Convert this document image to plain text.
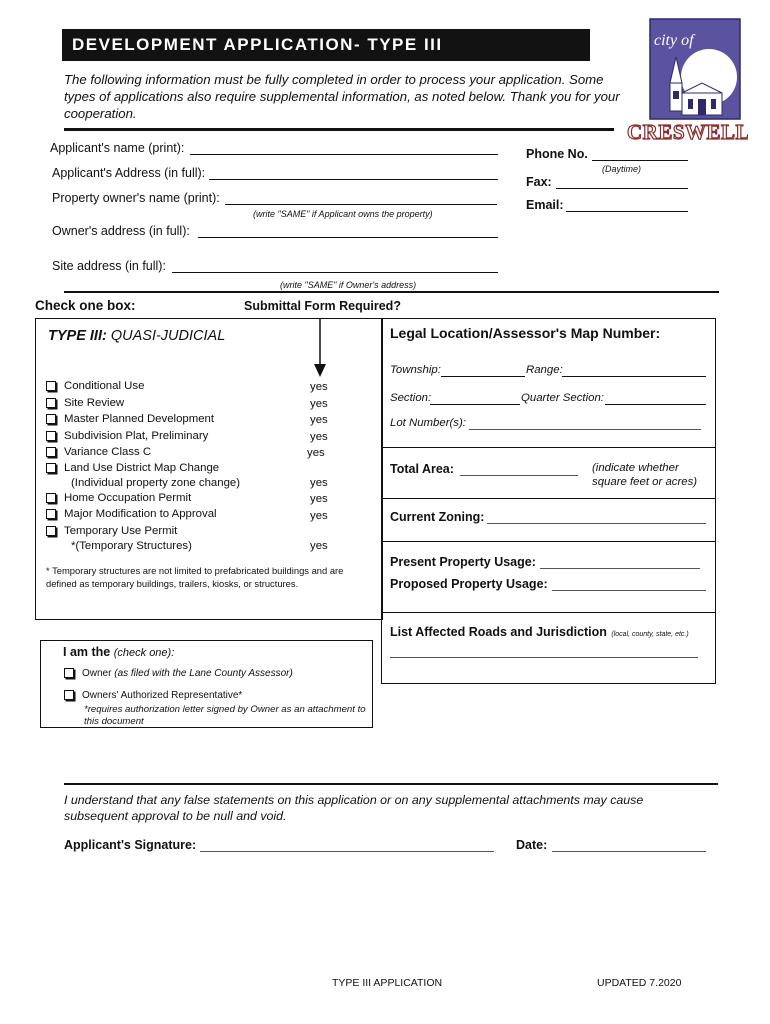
DEVELOPMENT APPLICATION- TYPE III	city of
CRESWELL
The following information must be fully completed in order to process your application. Some types of applications also require supplemental information, as noted below. Thank you for your cooperation.
Applicant's name (print):
Applicant's Address (in full):
Property owner's name (print):
(write "SAME" if Applicant owns the property)
Owner's address (in full):
Site address (in full):
(write "SAME" if Owner's address)
Phone No.
(Daytime)
Fax:
Email:
Check one box:	Submittal Form Required?
TYPE III: QUASI-JUDICIAL
Conditional Use	yes
Site Review	yes
Master Planned Development	yes
Subdivision Plat, Preliminary	yes
Variance Class C	yes
Land Use District Map Change
(Individual property zone change)	yes
Home Occupation Permit	yes
Major Modification to Approval	yes
Temporary Use Permit
*(Temporary Structures)	yes
* Temporary structures are not limited to prefabricated buildings and are defined as temporary buildings, trailers, kiosks, or structures.
Legal Location/Assessor's Map Number:
Township:	Range:
Section:	Quarter Section:
Lot Number(s):
Total Area:	(indicate whether square feet or acres)
Current Zoning:
Present Property Usage:
Proposed Property Usage:
List Affected Roads and Jurisdiction (local, county, state, etc.)
I am the (check one):
Owner (as filed with the Lane County Assessor)
Owners' Authorized Representative*
*requires authorization letter signed by Owner as an attachment to this document
I understand that any false statements on this application or on any supplemental attachments may cause subsequent approval to be null and void.
Applicant's Signature:	Date:
TYPE III APPLICATION	UPDATED 7.2020
